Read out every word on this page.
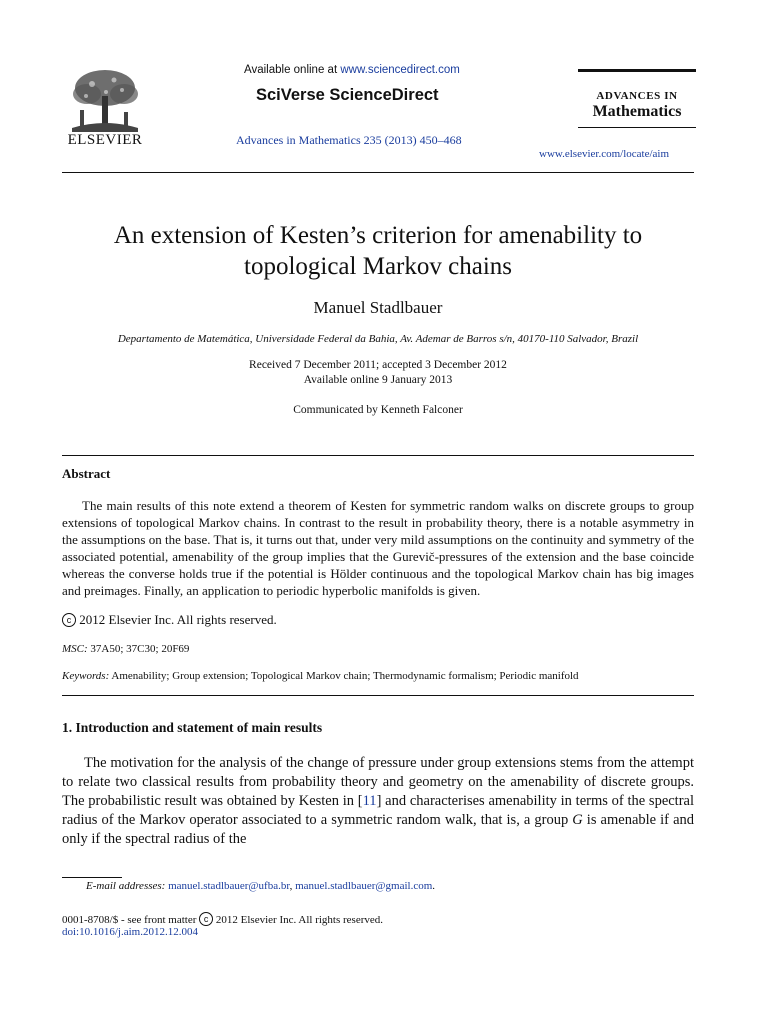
ELSEVIER
Available online at www.sciencedirect.com
SciVerse ScienceDirect
Advances in Mathematics 235 (2013) 450–468
ADVANCES IN
Mathematics
www.elsevier.com/locate/aim
An extension of Kesten’s criterion for amenability to topological Markov chains
Manuel Stadlbauer
Departamento de Matemática, Universidade Federal da Bahia, Av. Ademar de Barros s/n, 40170-110 Salvador, Brazil
Received 7 December 2011; accepted 3 December 2012
Available online 9 January 2013
Communicated by Kenneth Falconer
Abstract
The main results of this note extend a theorem of Kesten for symmetric random walks on discrete groups to group extensions of topological Markov chains. In contrast to the result in probability theory, there is a notable asymmetry in the assumptions on the base. That is, it turns out that, under very mild assumptions on the continuity and symmetry of the associated potential, amenability of the group implies that the Gurevič-pressures of the extension and the base coincide whereas the converse holds true if the potential is Hölder continuous and the topological Markov chain has big images and preimages. Finally, an application to periodic hyperbolic manifolds is given.
c 2012 Elsevier Inc. All rights reserved.
MSC: 37A50; 37C30; 20F69
Keywords: Amenability; Group extension; Topological Markov chain; Thermodynamic formalism; Periodic manifold
1. Introduction and statement of main results
The motivation for the analysis of the change of pressure under group extensions stems from the attempt to relate two classical results from probability theory and geometry on the amenability of discrete groups. The probabilistic result was obtained by Kesten in [11] and characterises amenability in terms of the spectral radius of the Markov operator associated to a symmetric random walk, that is, a group G is amenable if and only if the spectral radius of the
E-mail addresses: manuel.stadlbauer@ufba.br, manuel.stadlbauer@gmail.com.
0001-8708/$ - see front matter c 2012 Elsevier Inc. All rights reserved.
doi:10.1016/j.aim.2012.12.004
